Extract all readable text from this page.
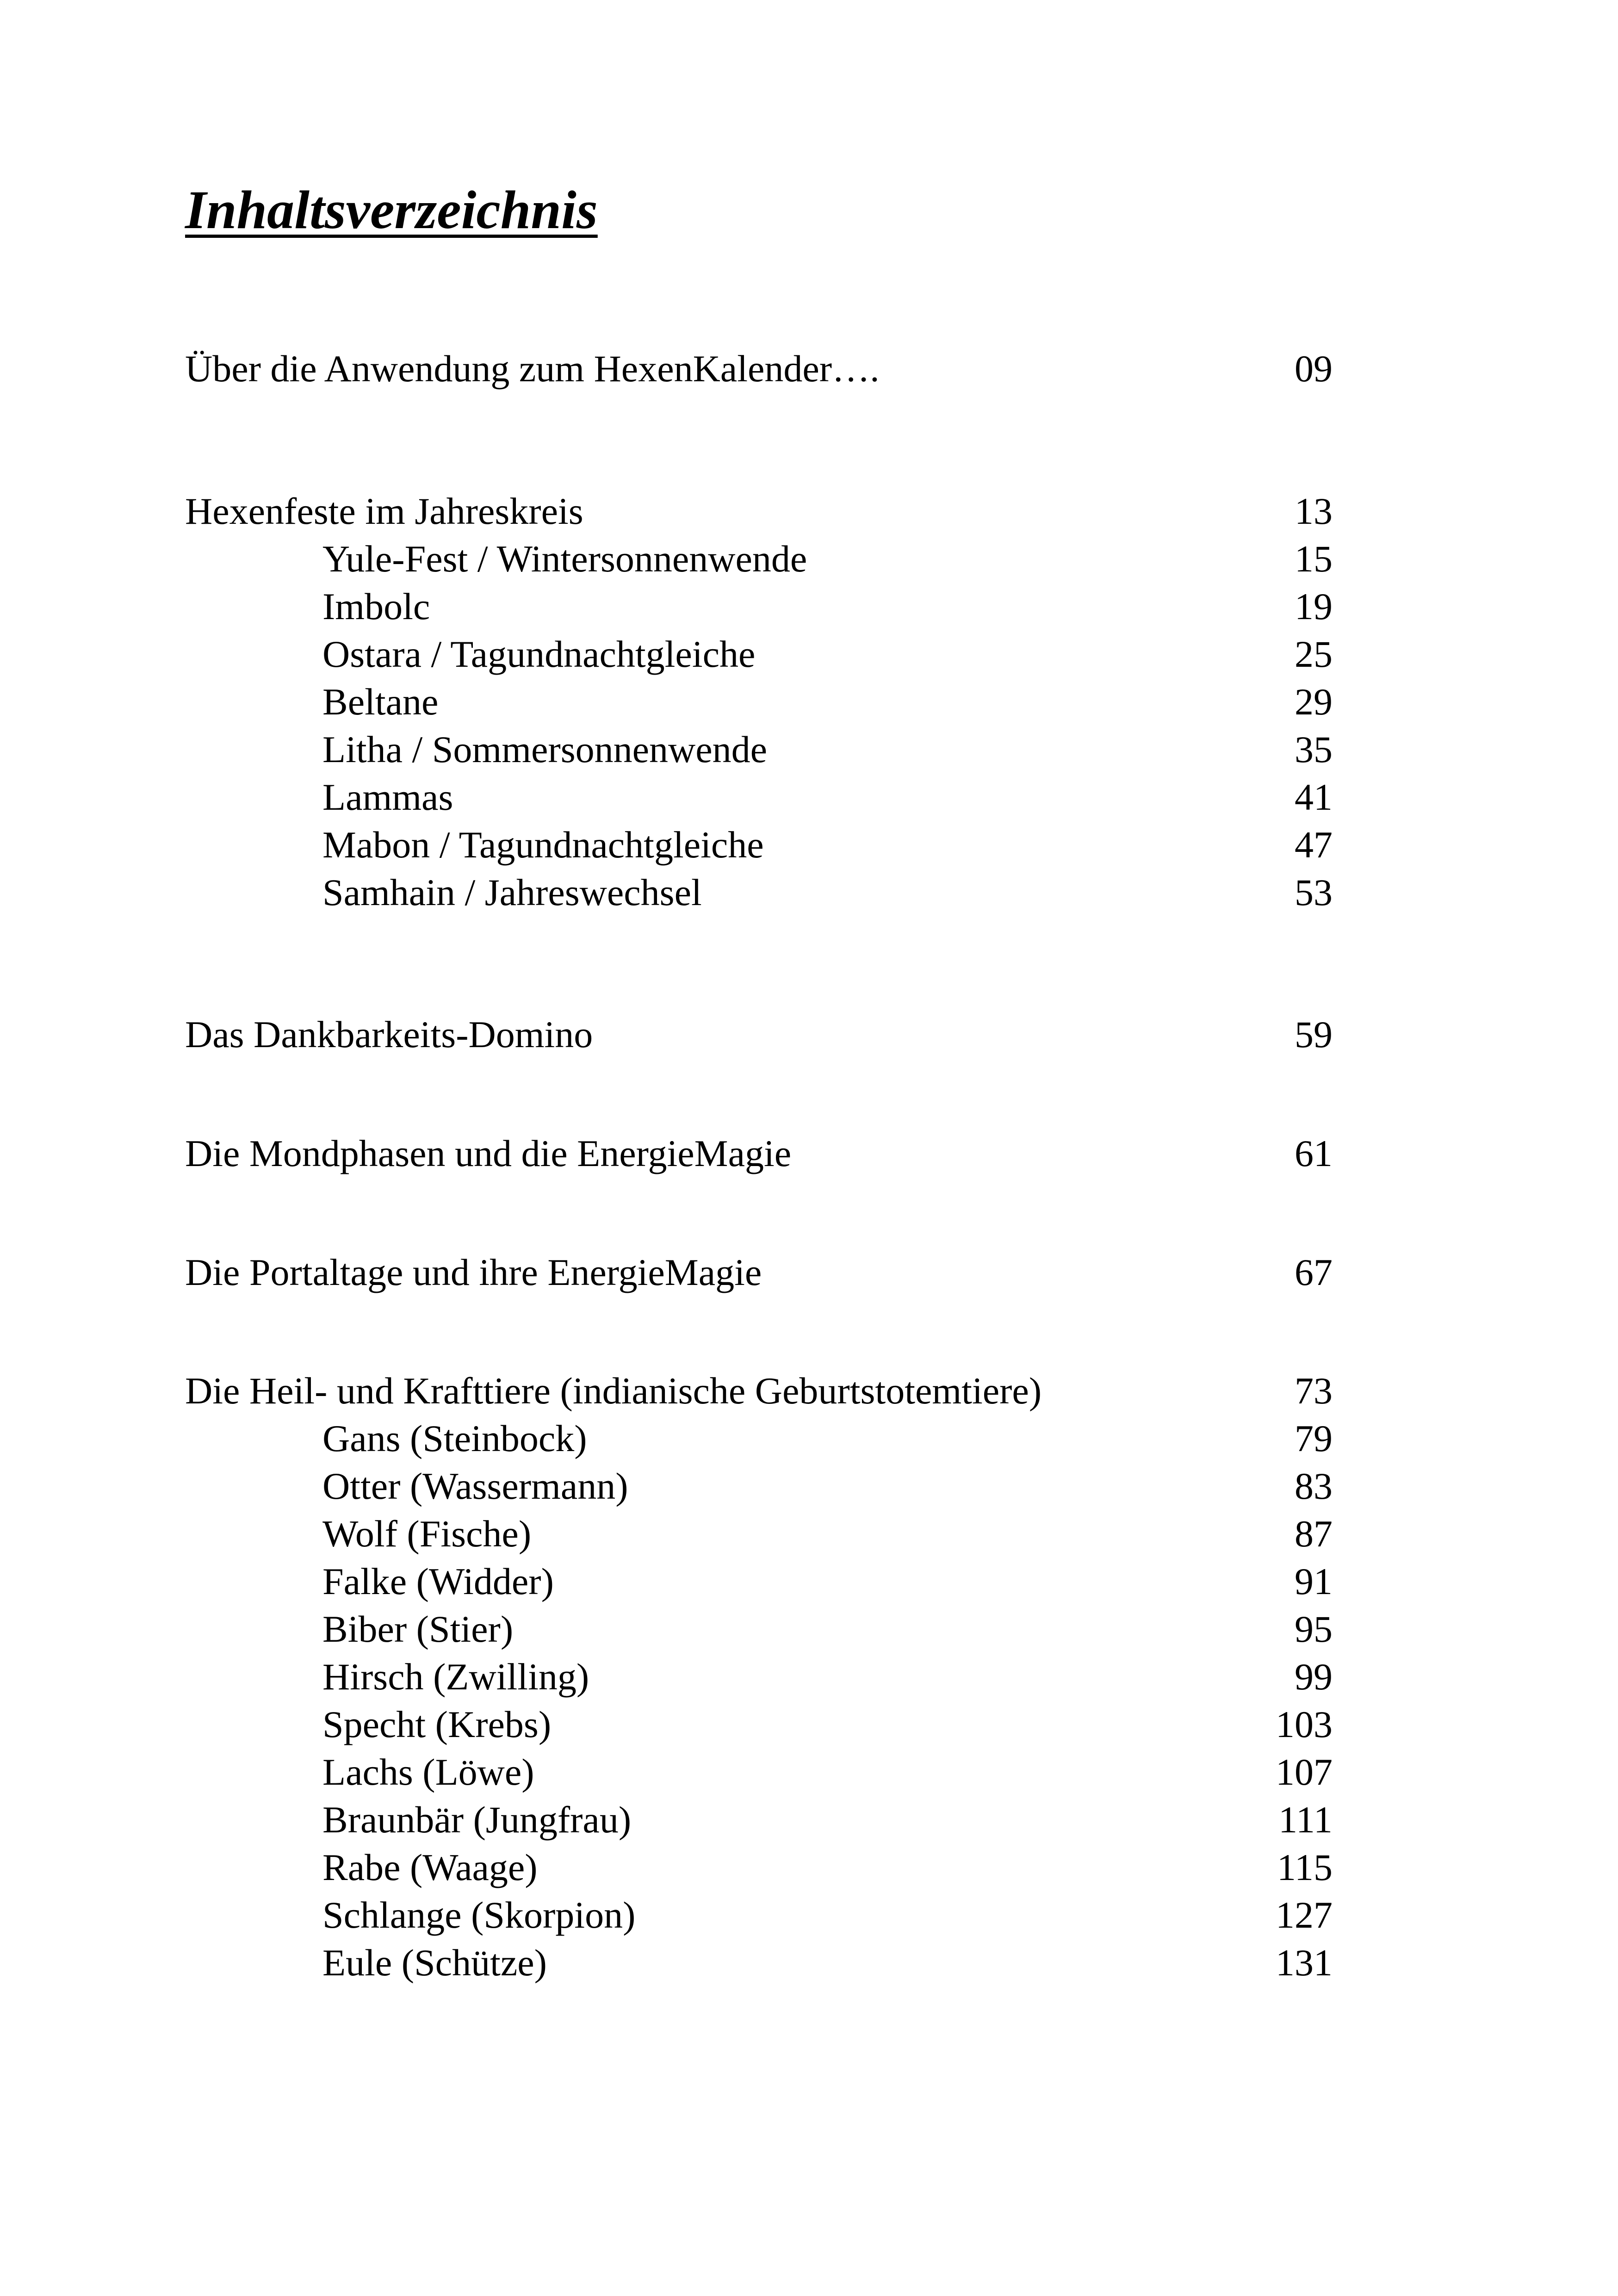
Inhaltsverzeichnis
Über die Anwendung zum HexenKalender….	09
Hexenfeste im Jahreskreis	13
Yule-Fest / Wintersonnenwende	15
Imbolc	19
Ostara / Tagundnachtgleiche	25
Beltane	29
Litha / Sommersonnenwende	35
Lammas	41
Mabon / Tagundnachtgleiche	47
Samhain / Jahreswechsel	53
Das Dankbarkeits-Domino	59
Die Mondphasen und die EnergieMagie	61
Die Portaltage und ihre EnergieMagie	67
Die Heil- und Krafttiere (indianische Geburtstotemtiere)	73
Gans (Steinbock)	79
Otter (Wassermann)	83
Wolf (Fische)	87
Falke (Widder)	91
Biber (Stier)	95
Hirsch (Zwilling)	99
Specht (Krebs)	103
Lachs (Löwe)	107
Braunbär (Jungfrau)	111
Rabe (Waage)	115
Schlange (Skorpion)	127
Eule (Schütze)	131
